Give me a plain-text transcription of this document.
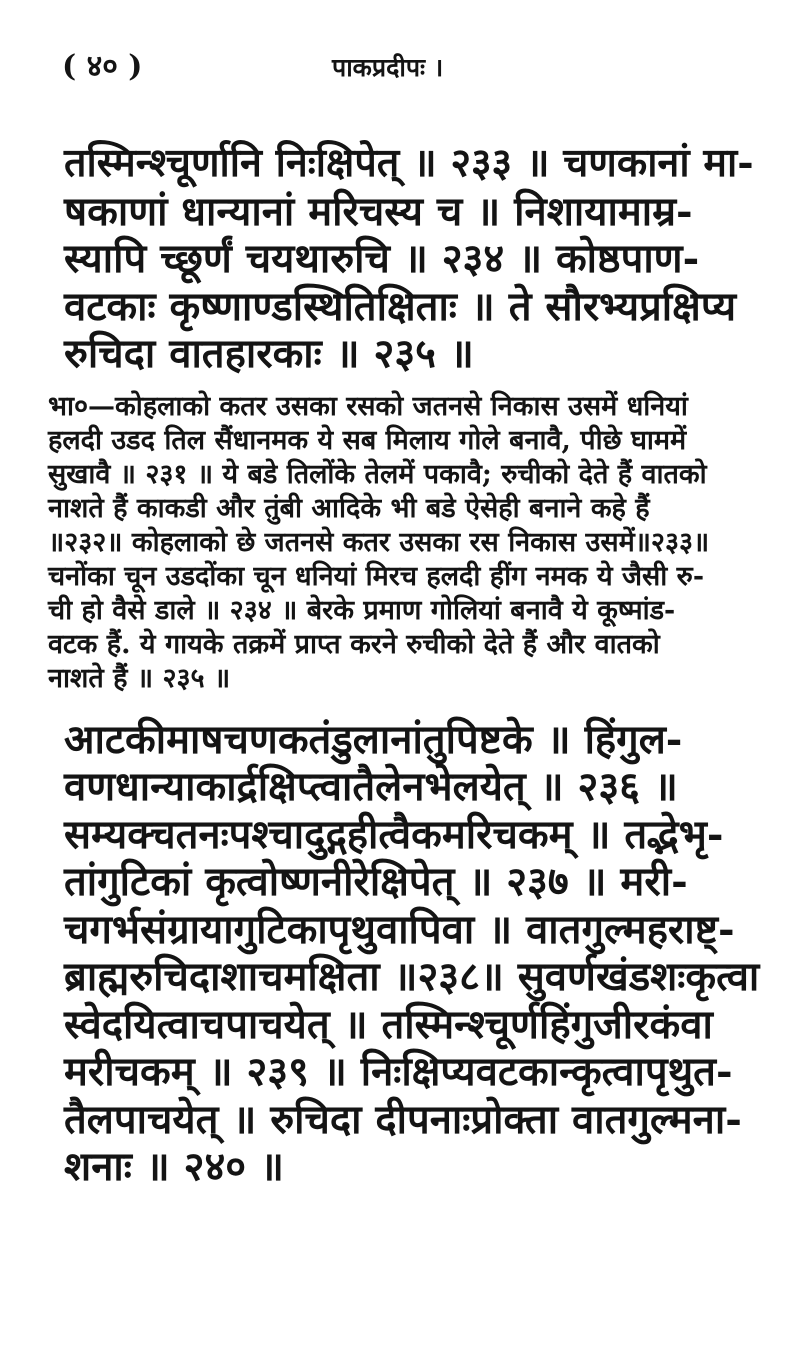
( ४० )	पाकप्रदीपः ।
तस्मिन्श्चूर्णानि निःक्षिपेत् ॥ २३३ ॥ चणकानां मा-
षकाणां धान्यानां मरिचस्य च ॥ निशायामाम्र-
स्यापि च्छूर्णं चयथारुचि ॥ २३४ ॥ कोष्ठपाण-
वटकाः कृष्णाण्डस्थितिक्षिताः ॥ ते सौरभ्यप्रक्षिप्य
रुचिदा वातहारकाः ॥ २३५ ॥
भा०—कोहलाको कतर उसका रसको जतनसे निकास उसमें धनियां
हलदी उडद तिल सैंधानमक ये सब मिलाय गोले बनावै, पीछे घाममें
सुखावै ॥ २३१ ॥ ये बडे तिलोंके तेलमें पकावै; रुचीको देते हैं वातको
नाशते हैं काकडी और तुंबी आदिके भी बडे ऐसेही बनाने कहे हैं
॥२३२॥ कोहलाको छे जतनसे कतर उसका रस निकास उसमें॥२३३॥
चनोंका चून उडदोंका चून धनियां मिरच हलदी हींग नमक ये जैसी रु-
ची हो वैसे डाले ॥ २३४ ॥ बेरके प्रमाण गोलियां बनावै ये कूष्मांड-
वटक हैं. ये गायके तक्रमें प्राप्त करने रुचीको देते हैं और वातको
नाशते हैं ॥ २३५ ॥
आटकीमाषचणकतंडुलानांतुपिष्टके ॥ हिंगुल-
वणधान्याकार्द्रक्षिप्त्वातैलेनभेलयेत् ॥ २३६ ॥
सम्यक्चतनःपश्चादुद्गहीत्वैकमरिचकम् ॥ तद्भेभृ-
तांगुटिकां कृत्वोष्णनीरेक्षिपेत् ॥ २३७ ॥ मरी-
चगर्भसंग्रायागुटिकापृथुवापिवा ॥ वातगुल्महराष्ट्-
ब्राह्मरुचिदाशाचमक्षिता ॥२३८॥ सुवर्णखंडशःकृत्वा
स्वेदयित्वाचपाचयेत् ॥ तस्मिन्श्चूर्णहिंगुजीरकंवा
मरीचकम् ॥ २३९ ॥ निःक्षिप्यवटकान्कृत्वापृथुत-
तैलपाचयेत् ॥ रुचिदा दीपनाःप्रोक्ता वातगुल्मना-
शनाः ॥ २४० ॥
